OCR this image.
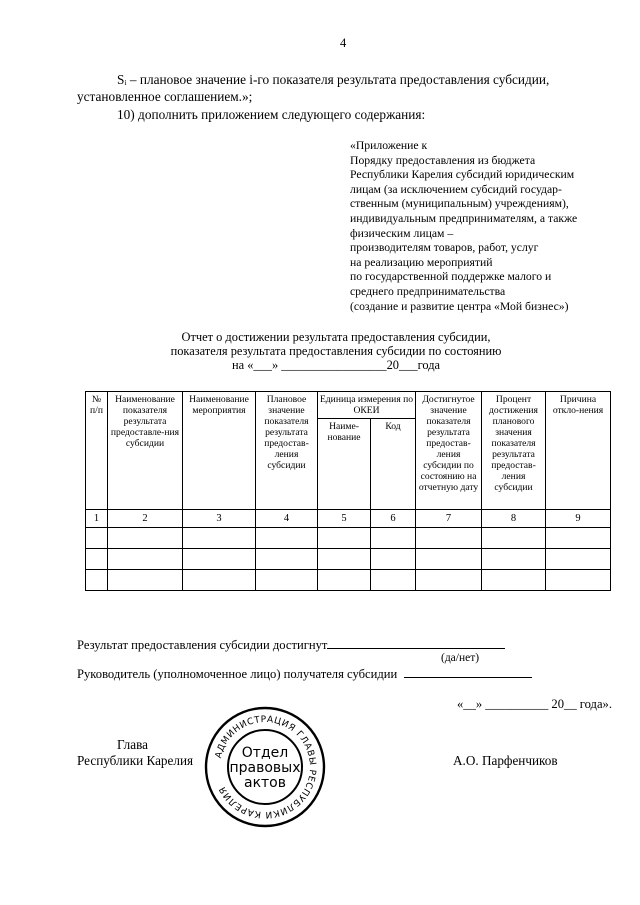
4
Sᵢ – плановое значение i-го показателя результата предоставления субсидии,
установленное соглашением.»;
10) дополнить приложением следующего содержания:
«Приложение к
Порядку предоставления из бюджета
Республики Карелия субсидий юридическим
лицам (за исключением субсидий государ-
ственным (муниципальным) учреждениям),
индивидуальным предпринимателям, а также
физическим лицам –
производителям товаров, работ, услуг
на реализацию мероприятий
по государственной поддержке малого и
среднего предпринимательства
(создание и развитие центра «Мой бизнес»)
Отчет о достижении результата предоставления субсидии,
показателя результата предоставления субсидии по состоянию
на «___» _________________20___года
№ п/п	Наименование показателя результата предоставле-ния субсидии	Наименование мероприятия	Плановое значение показателя результата предостав-ления субсидии	Единица измерения по ОКЕИ		Достигнутое значение показателя результата предостав-ления субсидии по состоянию на отчетную дату	Процент достижения планового значения показателя результата предостав-ления субсидии	Причина откло-нения
				Наиме-нование	Код			
1	2	3	4	5	6	7	8	9

Результат предоставления субсидии достигнут
(да/нет)
Руководитель (уполномоченное лицо) получателя субсидии
«__» __________ 20__ года».
Глава
Республики Карелия	А.О. Парфенчиков
АДМИНИСТРАЦИЯ ГЛАВЫ РЕСПУБЛИКИ КАРЕЛИЯ
Отдел
правовых
актов
